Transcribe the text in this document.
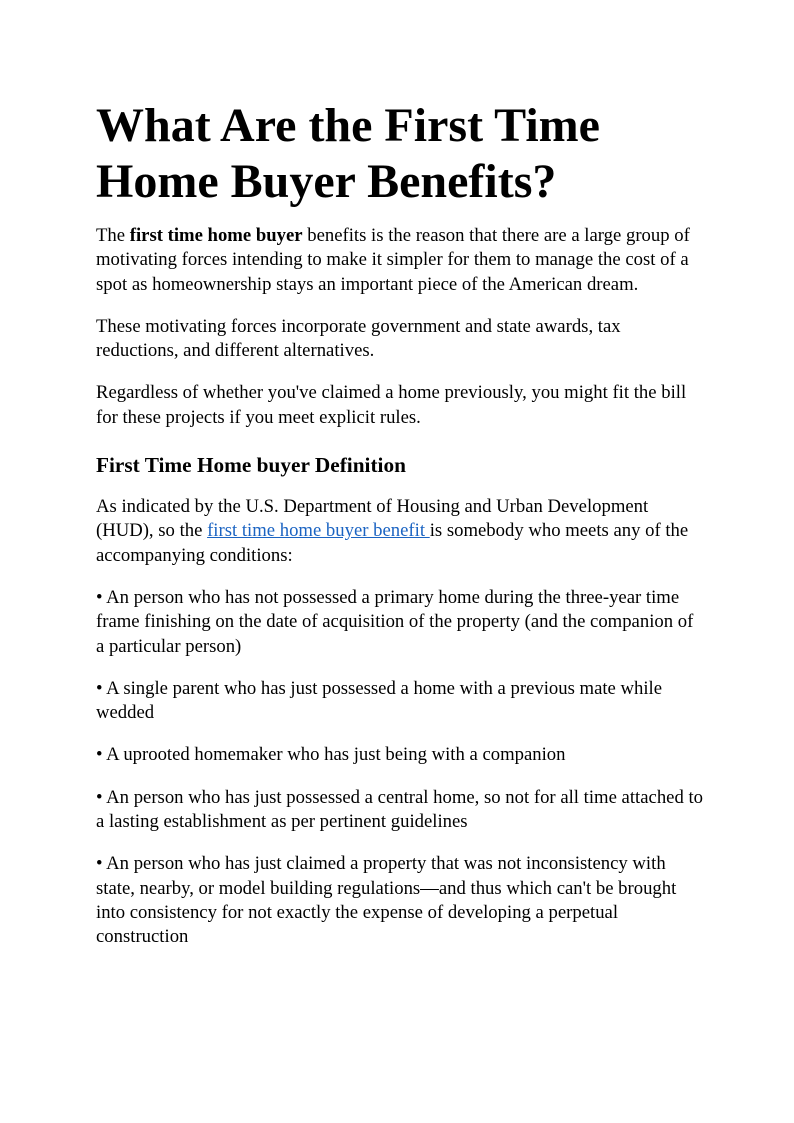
What Are the First Time
Home Buyer Benefits?

The first time home buyer benefits is the reason that there are a large group of motivating forces intending to make it simpler for them to manage the cost of a spot as homeownership stays an important piece of the American dream.

These motivating forces incorporate government and state awards, tax reductions, and different alternatives.

Regardless of whether you've claimed a home previously, you might fit the bill for these projects if you meet explicit rules.

First Time Home buyer Definition

As indicated by the U.S. Department of Housing and Urban Development (HUD), so the first time home buyer benefit is somebody who meets any of the accompanying conditions:

• An person who has not possessed a primary home during the three-year time frame finishing on the date of acquisition of the property (and the companion of a particular person)

• A single parent who has just possessed a home with a previous mate while wedded

• A uprooted homemaker who has just being with a companion

• An person who has just possessed a central home, so not for all time attached to a lasting establishment as per pertinent guidelines

• An person who has just claimed a property that was not inconsistency with state, nearby, or model building regulations—and thus which can't be brought into consistency for not exactly the expense of developing a perpetual construction
